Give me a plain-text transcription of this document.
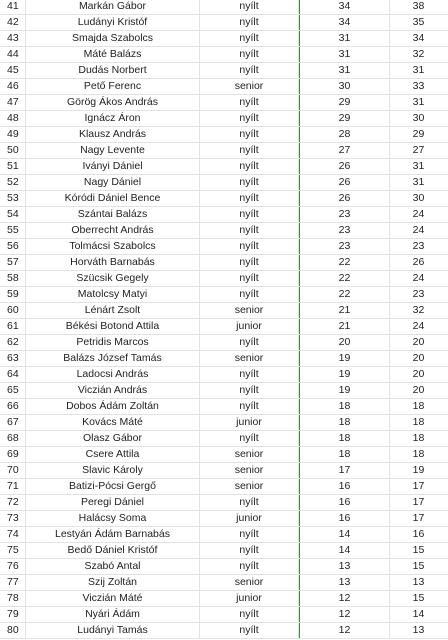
41	Markán Gábor	nyílt	34	38
42	Ludányi Kristóf	nyílt	34	35
43	Smajda Szabolcs	nyílt	31	34
44	Máté Balázs	nyílt	31	32
45	Dudás Norbert	nyílt	31	31
46	Pető Ferenc	senior	30	33
47	Görög Ákos András	nyílt	29	31
48	Ignácz Áron	nyílt	29	30
49	Klausz András	nyílt	28	29
50	Nagy Levente	nyílt	27	27
51	Iványi Dániel	nyílt	26	31
52	Nagy Dániel	nyílt	26	31
53	Kóródi Dániel Bence	nyílt	26	30
54	Szántai Balázs	nyílt	23	24
55	Oberrecht András	nyílt	23	24
56	Tolmácsi Szabolcs	nyílt	23	23
57	Horváth Barnabás	nyílt	22	26
58	Szücsik Gegely	nyílt	22	24
59	Matolcsy Matyi	nyílt	22	23
60	Lénárt Zsolt	senior	21	32
61	Békési Botond Attila	junior	21	24
62	Petridis Marcos	nyílt	20	20
63	Balázs József Tamás	senior	19	20
64	Ladocsi András	nyílt	19	20
65	Viczián András	nyílt	19	20
66	Dobos Ádám Zoltán	nyílt	18	18
67	Kovács Máté	junior	18	18
68	Olasz Gábor	nyílt	18	18
69	Csere Attila	senior	18	18
70	Slavic Károly	senior	17	19
71	Batizi-Pócsi Gergő	senior	16	17
72	Peregi Dániel	nyílt	16	17
73	Halácsy Soma	junior	16	17
74	Lestyán Ádám Barnabás	nyílt	14	16
75	Bedő Dániel Kristóf	nyílt	14	15
76	Szabó Antal	nyílt	13	15
77	Szij Zoltán	senior	13	13
78	Viczián Máté	junior	12	15
79	Nyári Ádám	nyílt	12	14
80	Ludányi Tamás	nyílt	12	13
